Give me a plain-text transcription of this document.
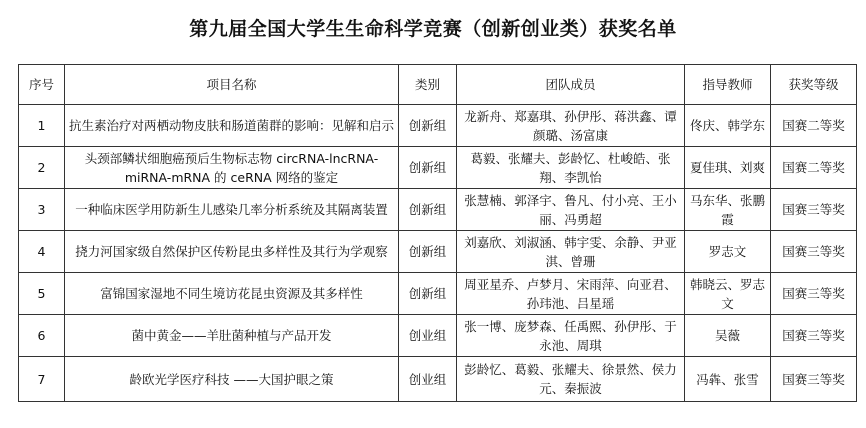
第九届全国大学生生命科学竞赛（创新创业类）获奖名单
序号	项目名称	类别	团队成员	指导教师	获奖等级
1	抗生素治疗对两栖动物皮肤和肠道菌群的影响：见解和启示	创新组	龙新舟、郑嘉琪、孙伊彤、蒋洪鑫、谭颜璐、汤富康	佟庆、韩学东	国赛二等奖
2	头颈部鳞状细胞癌预后生物标志物 circRNA-lncRNA-miRNA-mRNA 的 ceRNA 网络的鉴定	创新组	葛毅、张耀夫、彭龄忆、杜峻皓、张翔、李凯怡	夏佳琪、刘爽	国赛二等奖
3	一种临床医学用防新生儿感染几率分析系统及其隔离装置	创新组	张慧楠、郭泽宇、鲁凡、付小亮、王小丽、冯勇超	马东华、张鹏霞	国赛三等奖
4	挠力河国家级自然保护区传粉昆虫多样性及其行为学观察	创新组	刘嘉欣、刘淑涵、韩宇雯、余静、尹亚淇、曾珊	罗志文	国赛三等奖
5	富锦国家湿地不同生境访花昆虫资源及其多样性	创新组	周亚星乔、卢梦月、宋雨萍、向亚君、孙玮池、吕星瑶	韩晓云、罗志文	国赛三等奖
6	菌中黄金——羊肚菌种植与产品开发	创业组	张一博、庞梦森、任禹熙、孙伊彤、于永池、周琪	吴薇	国赛三等奖
7	龄欧光学医疗科技 ——大国护眼之策	创业组	彭龄忆、葛毅、张耀夫、徐景然、侯力元、秦振波	冯犇、张雪	国赛三等奖
